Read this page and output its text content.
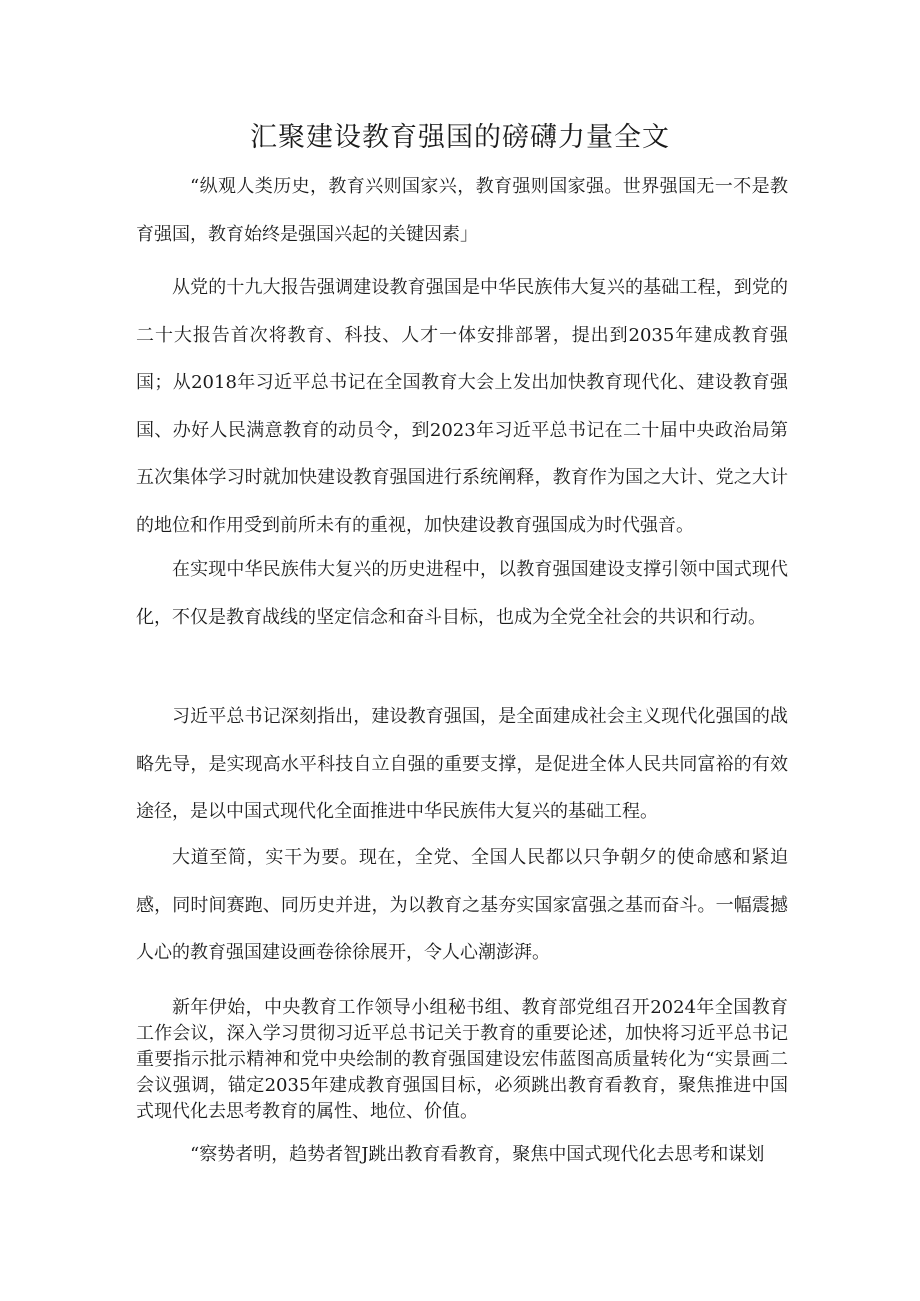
汇聚建设教育强国的磅礴力量全文

“纵观人类历史，教育兴则国家兴，教育强则国家强。世界强国无一不是教育强国，教育始终是强国兴起的关键因素」

从党的十九大报告强调建设教育强国是中华民族伟大复兴的基础工程，到党的二十大报告首次将教育、科技、人才一体安排部署，提出到2035年建成教育强国；从2018年习近平总书记在全国教育大会上发出加快教育现代化、建设教育强国、办好人民满意教育的动员令，到2023年习近平总书记在二十届中央政治局第五次集体学习时就加快建设教育强国进行系统阐释，教育作为国之大计、党之大计的地位和作用受到前所未有的重视，加快建设教育强国成为时代强音。

在实现中华民族伟大复兴的历史进程中，以教育强国建设支撑引领中国式现代化，不仅是教育战线的坚定信念和奋斗目标，也成为全党全社会的共识和行动。

习近平总书记深刻指出，建设教育强国，是全面建成社会主义现代化强国的战略先导，是实现高水平科技自立自强的重要支撑，是促进全体人民共同富裕的有效途径，是以中国式现代化全面推进中华民族伟大复兴的基础工程。

大道至简，实干为要。现在，全党、全国人民都以只争朝夕的使命感和紧迫感，同时间赛跑、同历史并进，为以教育之基夯实国家富强之基而奋斗。一幅震撼人心的教育强国建设画卷徐徐展开，令人心潮澎湃。

新年伊始，中央教育工作领导小组秘书组、教育部党组召开2024年全国教育工作会议，深入学习贯彻习近平总书记关于教育的重要论述，加快将习近平总书记重要指示批示精神和党中央绘制的教育强国建设宏伟蓝图高质量转化为“实景画二会议强调，锚定2035年建成教育强国目标，必须跳出教育看教育，聚焦推进中国式现代化去思考教育的属性、地位、价值。

“察势者明，趋势者智J跳出教育看教育，聚焦中国式现代化去思考和谋划
